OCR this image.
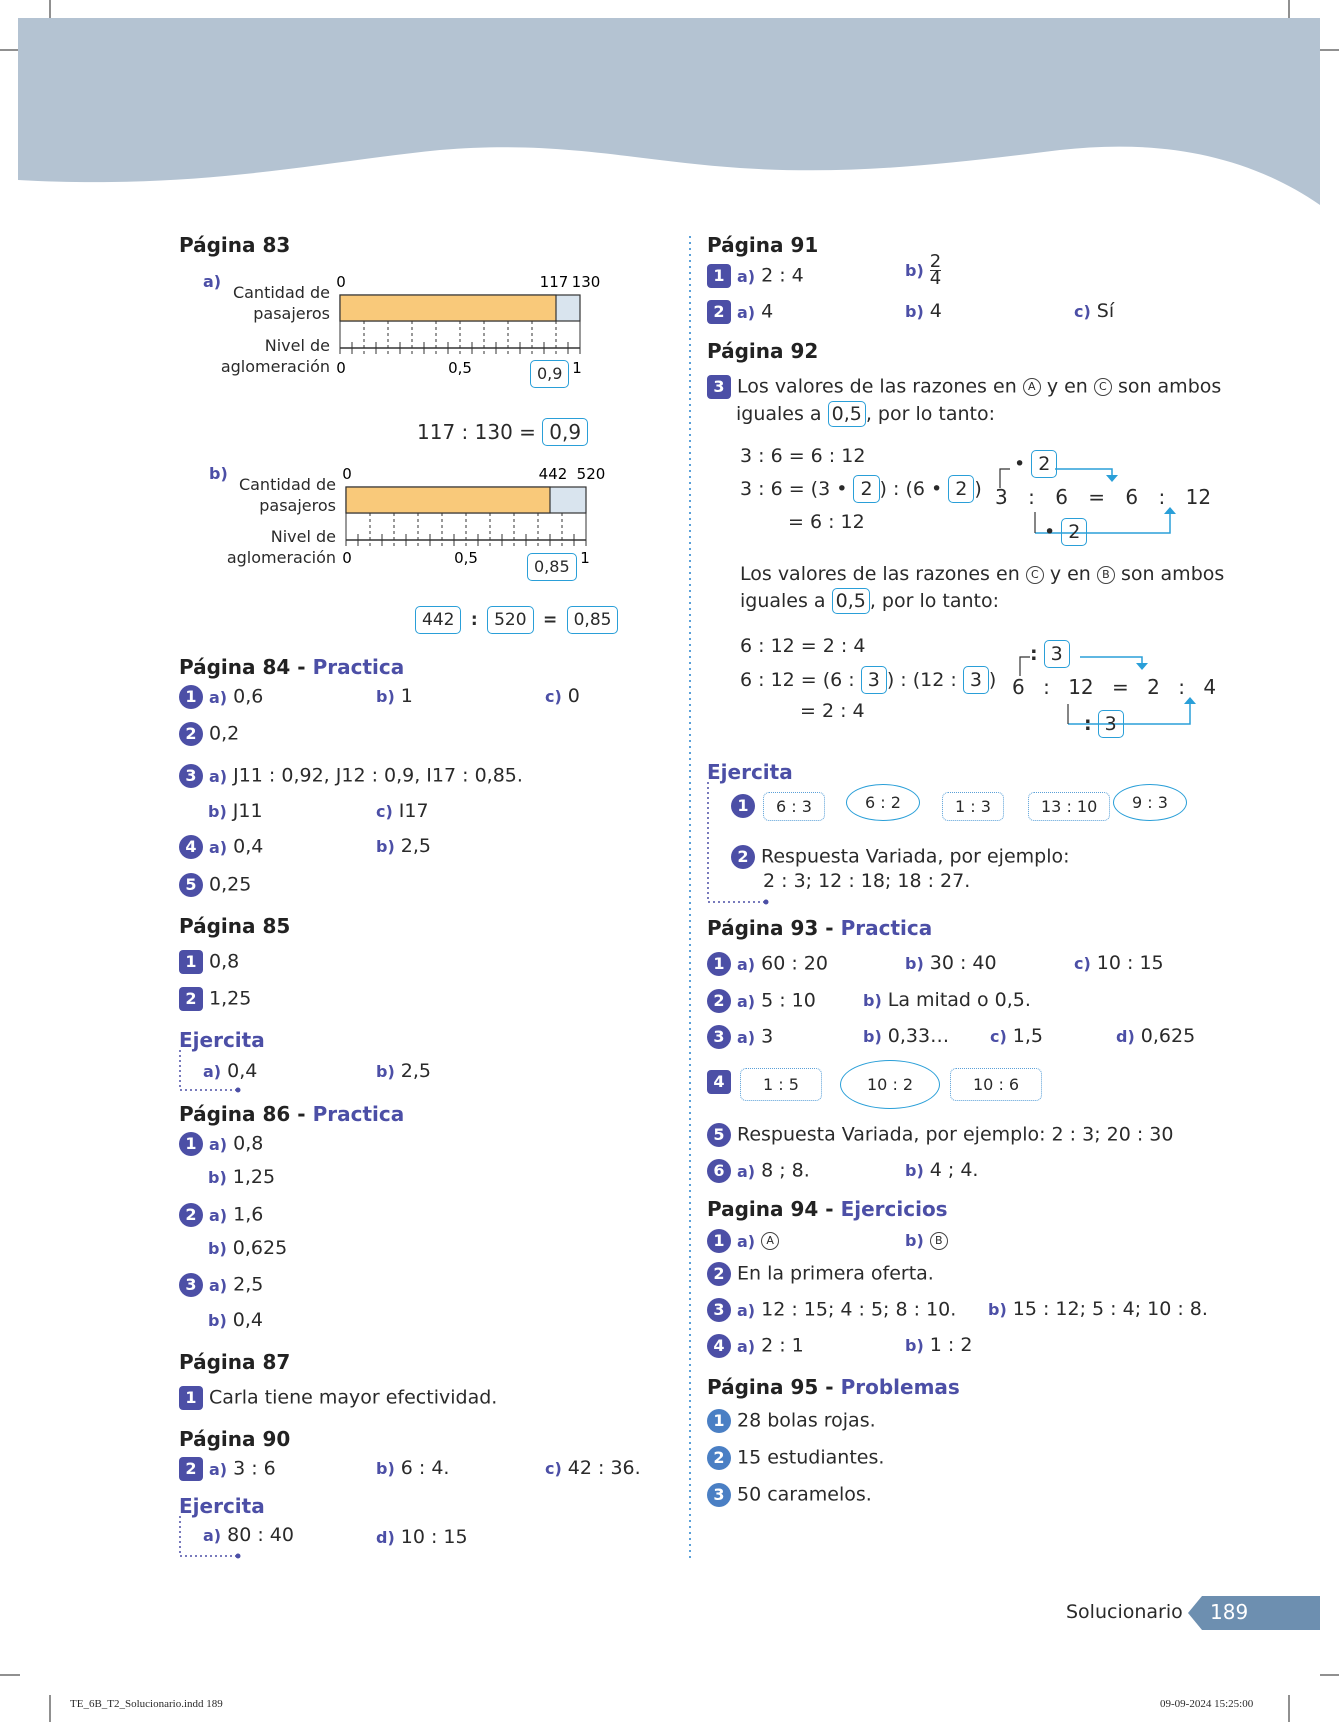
Página 83
a)
Cantidad de
pasajeros
Nivel de
aglomeración
0	117 130
0	0,5	1
0,9
117 : 130 = 0,9
b)
Cantidad de
pasajeros
Nivel de
aglomeración
0	442 520
0	0,5	1
0,85
442 : 520 = 0,85
Página 84 - Practica
1 a) 0,6	b) 1	c) 0
2 0,2
3 a) J11 : 0,92, J12 : 0,9, I17 : 0,85.
b) J11	c) I17
4 a) 0,4	b) 2,5
5 0,25
Página 85
1 0,8
2 1,25
Ejercita
a) 0,4	b) 2,5
Página 86 - Practica
1 a) 0,8
b) 1,25
2 a) 1,6
b) 0,625
3 a) 2,5
b) 0,4
Página 87
1 Carla tiene mayor efectividad.
Página 90
2 a) 3 : 6	b) 6 : 4.	c) 42 : 36.
Ejercita
a) 80 : 40	d) 10 : 15
Página 91
1 a) 2 : 4	$b) \frac{2}{4}$
2 a) 4	b) 4	c) Sí
Página 92
3 Los valores de las razones en A y en C son ambos
iguales a 0,5 , por lo tanto:
3 : 6 = 6 : 12
3 : 6 = (3 • 2 ) : (6 • 2 )
= 6 : 12
• 2
3 : 6 = 6 : 12
• 2
Los valores de las razones en C y en B son ambos
iguales a 0,5 , por lo tanto:
6 : 12 = 2 : 4
6 : 12 = (6 : 3 ) : (12 : 3 )
= 2 : 4
: 3
6 : 12 = 2 : 4
: 3
Ejercita
1	6 : 3	6 : 2	1 : 3	13 : 10	9 : 3
2 Respuesta Variada, por ejemplo:
2 : 3; 12 : 18; 18 : 27.
Página 93 - Practica
1 a) 60 : 20	b) 30 : 40	c) 10 : 15
2 a) 5 : 10	b) La mitad o 0,5.
3 a) 3	b) 0,33…	c) 1,5	d) 0,625
4	1 : 5	10 : 2	10 : 6
5 Respuesta Variada, por ejemplo: 2 : 3; 20 : 30
6 a) 8 ; 8.	b) 4 ; 4.
Pagina 94 - Ejercicios
1 a) A	b) B
2 En la primera oferta.
3 a) 12 : 15; 4 : 5; 8 : 10. b) 15 : 12; 5 : 4; 10 : 8.
4 a) 2 : 1	b) 1 : 2
Página 95 - Problemas
1 28 bolas rojas.
2 15 estudiantes.
3 50 caramelos.
Solucionario 189
TE_6B_T2_Solucionario.indd 189	09-09-2024 15:25:00
